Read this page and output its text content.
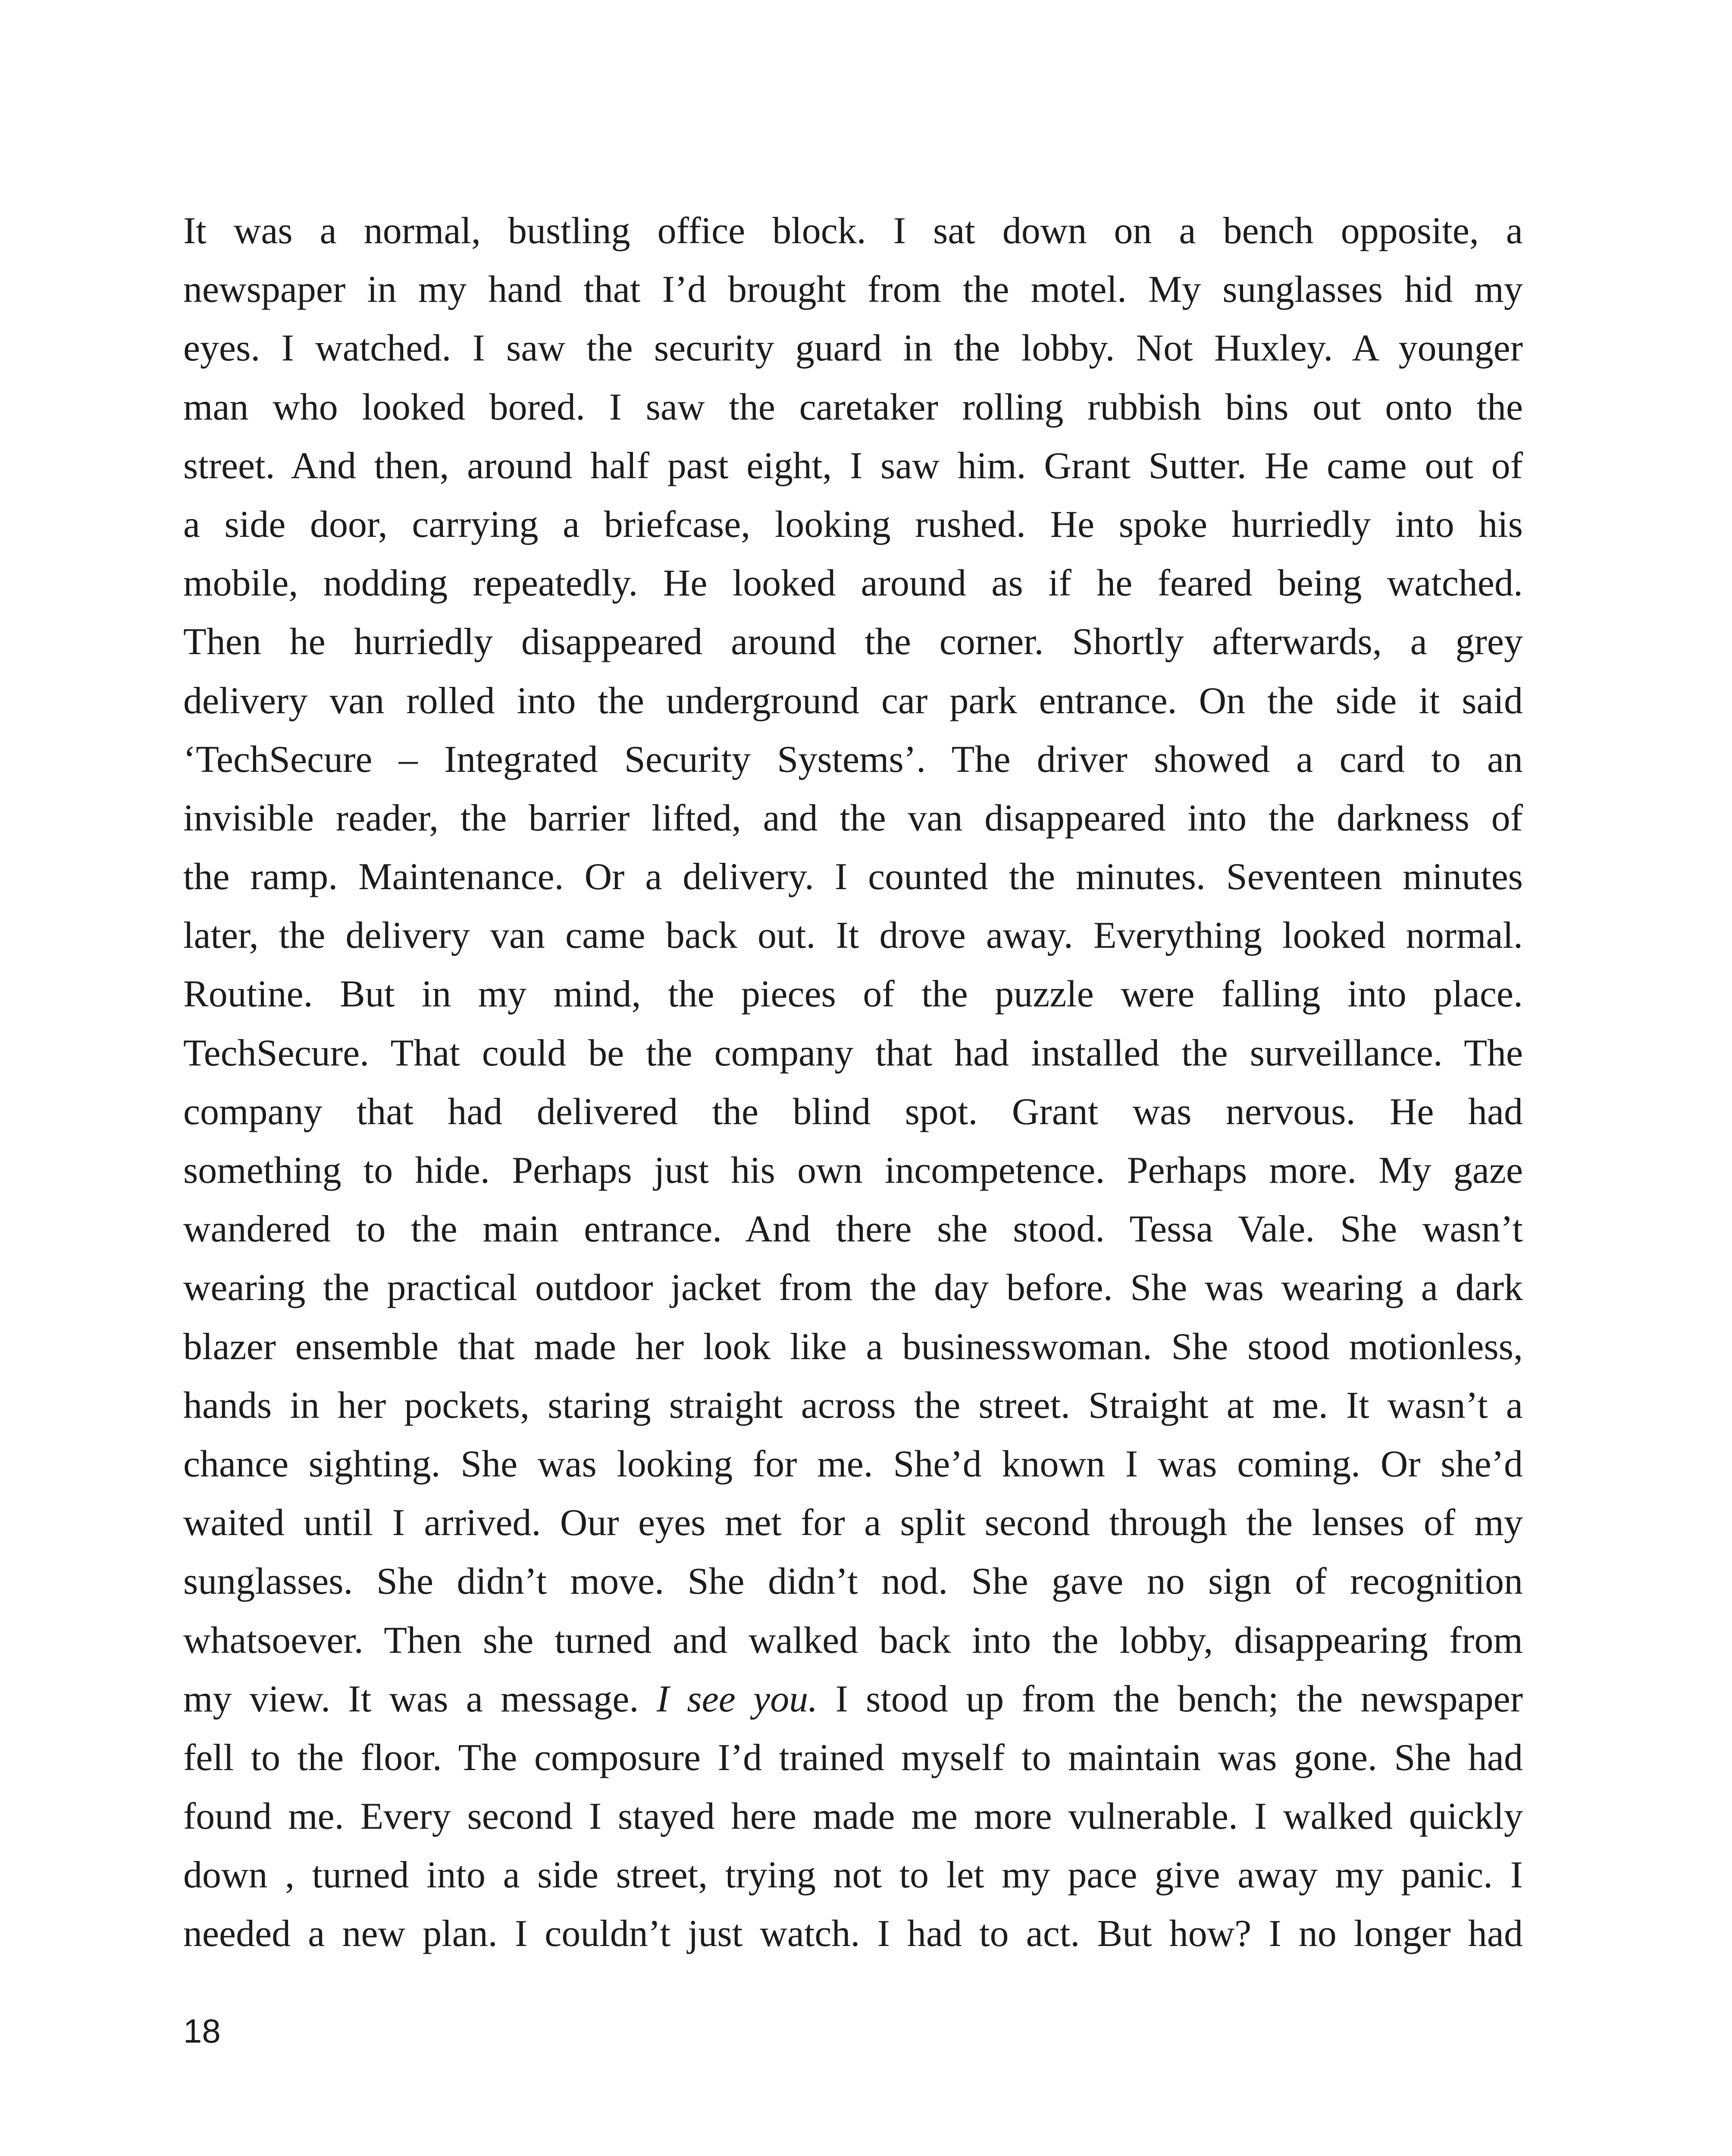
It was a normal, bustling office block. I sat down on a bench opposite, a
newspaper in my hand that I’d brought from the motel. My sunglasses hid my
eyes. I watched. I saw the security guard in the lobby. Not Huxley. A younger
man who looked bored. I saw the caretaker rolling rubbish bins out onto the
street. And then, around half past eight, I saw him. Grant Sutter. He came out of
a side door, carrying a briefcase, looking rushed. He spoke hurriedly into his
mobile, nodding repeatedly. He looked around as if he feared being watched.
Then he hurriedly disappeared around the corner. Shortly afterwards, a grey
delivery van rolled into the underground car park entrance. On the side it said
‘TechSecure – Integrated Security Systems’. The driver showed a card to an
invisible reader, the barrier lifted, and the van disappeared into the darkness of
the ramp. Maintenance. Or a delivery. I counted the minutes. Seventeen minutes
later, the delivery van came back out. It drove away. Everything looked normal.
Routine. But in my mind, the pieces of the puzzle were falling into place.
TechSecure. That could be the company that had installed the surveillance. The
company that had delivered the blind spot. Grant was nervous. He had
something to hide. Perhaps just his own incompetence. Perhaps more. My gaze
wandered to the main entrance. And there she stood. Tessa Vale. She wasn’t
wearing the practical outdoor jacket from the day before. She was wearing a dark
blazer ensemble that made her look like a businesswoman. She stood motionless,
hands in her pockets, staring straight across the street. Straight at me. It wasn’t a
chance sighting. She was looking for me. She’d known I was coming. Or she’d
waited until I arrived. Our eyes met for a split second through the lenses of my
sunglasses. She didn’t move. She didn’t nod. She gave no sign of recognition
whatsoever. Then she turned and walked back into the lobby, disappearing from
my view. It was a message. I see you. I stood up from the bench; the newspaper
fell to the floor. The composure I’d trained myself to maintain was gone. She had
found me. Every second I stayed here made me more vulnerable. I walked quickly
down , turned into a side street, trying not to let my pace give away my panic. I
needed a new plan. I couldn’t just watch. I had to act. But how? I no longer had
18
